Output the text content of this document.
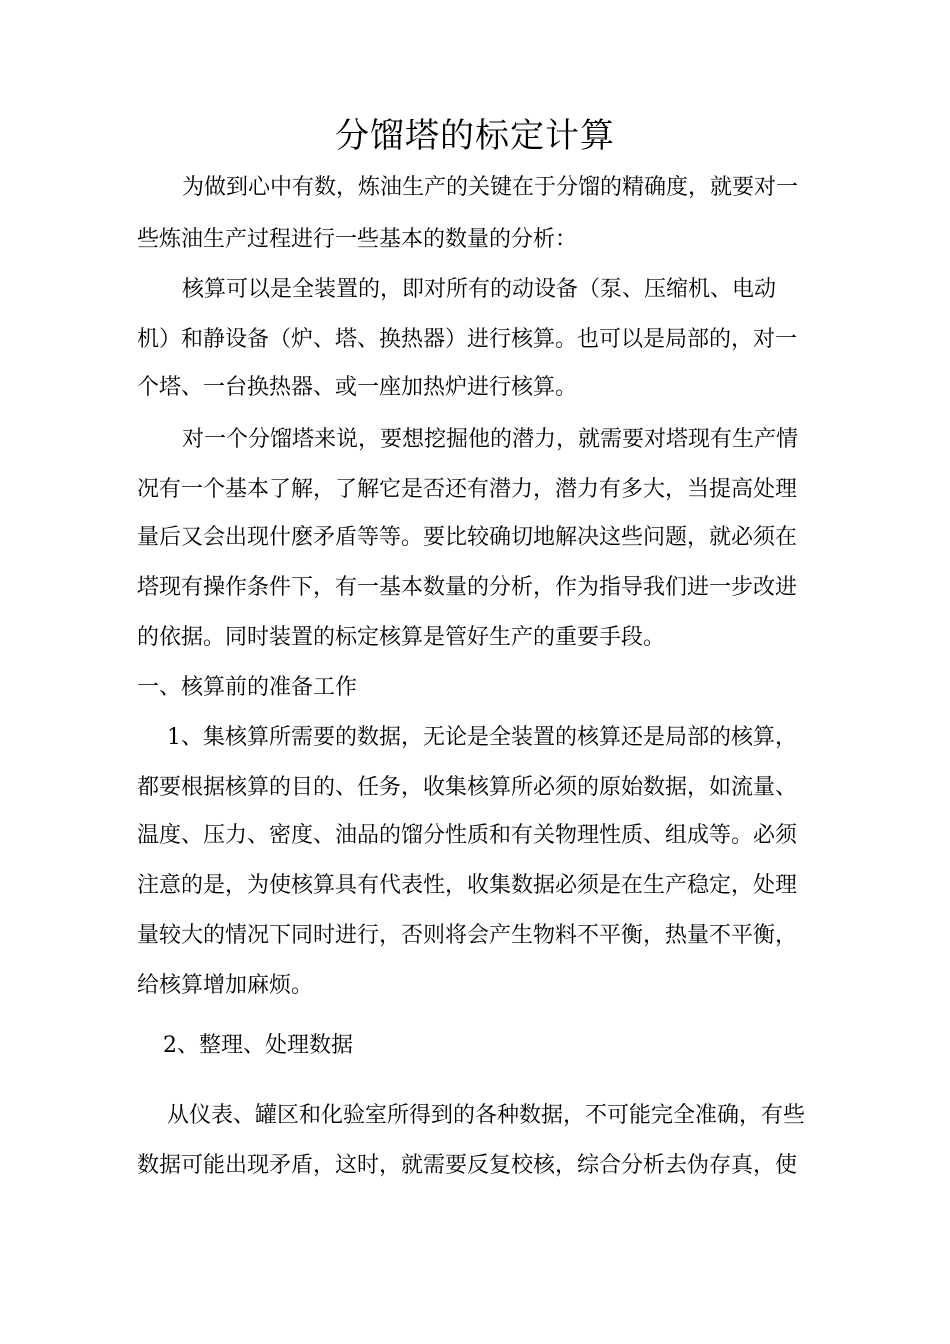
分馏塔的标定计算
为做到心中有数，炼油生产的关键在于分馏的精确度，就要对一
些炼油生产过程进行一些基本的数量的分析：
核算可以是全装置的，即对所有的动设备（泵、压缩机、电动
机）和静设备（炉、塔、换热器）进行核算。也可以是局部的，对一
个塔、一台换热器、或一座加热炉进行核算。
对一个分馏塔来说，要想挖掘他的潜力，就需要对塔现有生产情
况有一个基本了解，了解它是否还有潜力，潜力有多大，当提高处理
量后又会出现什麽矛盾等等。要比较确切地解决这些问题，就必须在
塔现有操作条件下，有一基本数量的分析，作为指导我们进一步改进
的依据。同时装置的标定核算是管好生产的重要手段。
一、核算前的准备工作
1、集核算所需要的数据，无论是全装置的核算还是局部的核算，
都要根据核算的目的、任务，收集核算所必须的原始数据，如流量、
温度、压力、密度、油品的馏分性质和有关物理性质、组成等。必须
注意的是，为使核算具有代表性，收集数据必须是在生产稳定，处理
量较大的情况下同时进行，否则将会产生物料不平衡，热量不平衡，
给核算增加麻烦。
2、整理、处理数据
从仪表、罐区和化验室所得到的各种数据，不可能完全准确，有些
数据可能出现矛盾，这时，就需要反复校核，综合分析去伪存真，使
